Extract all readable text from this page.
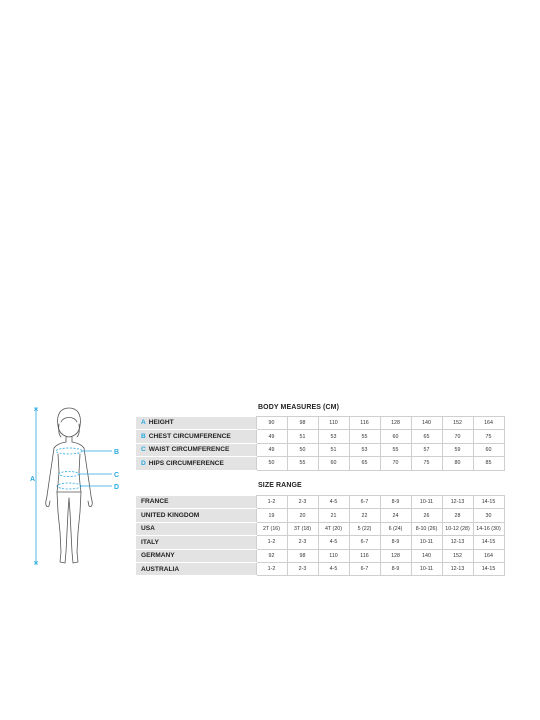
A
B
C
D
BODY MEASURES (CM)
A HEIGHT	90	98	110	116	128	140	152	164
B CHEST CIRCUMFERENCE	49	51	53	55	60	65	70	75
C WAIST CIRCUMFERENCE	49	50	51	53	55	57	59	60
D HIPS CIRCUMFERENCE	50	55	60	65	70	75	80	85
SIZE RANGE
FRANCE	1-2	2-3	4-5	6-7	8-9	10-11	12-13	14-15
UNITED KINGDOM	19	20	21	22	24	26	28	30
USA	2T (16)	3T (18)	4T (20)	5 (22)	6 (24)	8-10 (26)	10-12 (28)	14-16 (30)
ITALY	1-2	2-3	4-5	6-7	8-9	10-11	12-13	14-15
GERMANY	92	98	110	116	128	140	152	164
AUSTRALIA	1-2	2-3	4-5	6-7	8-9	10-11	12-13	14-15
